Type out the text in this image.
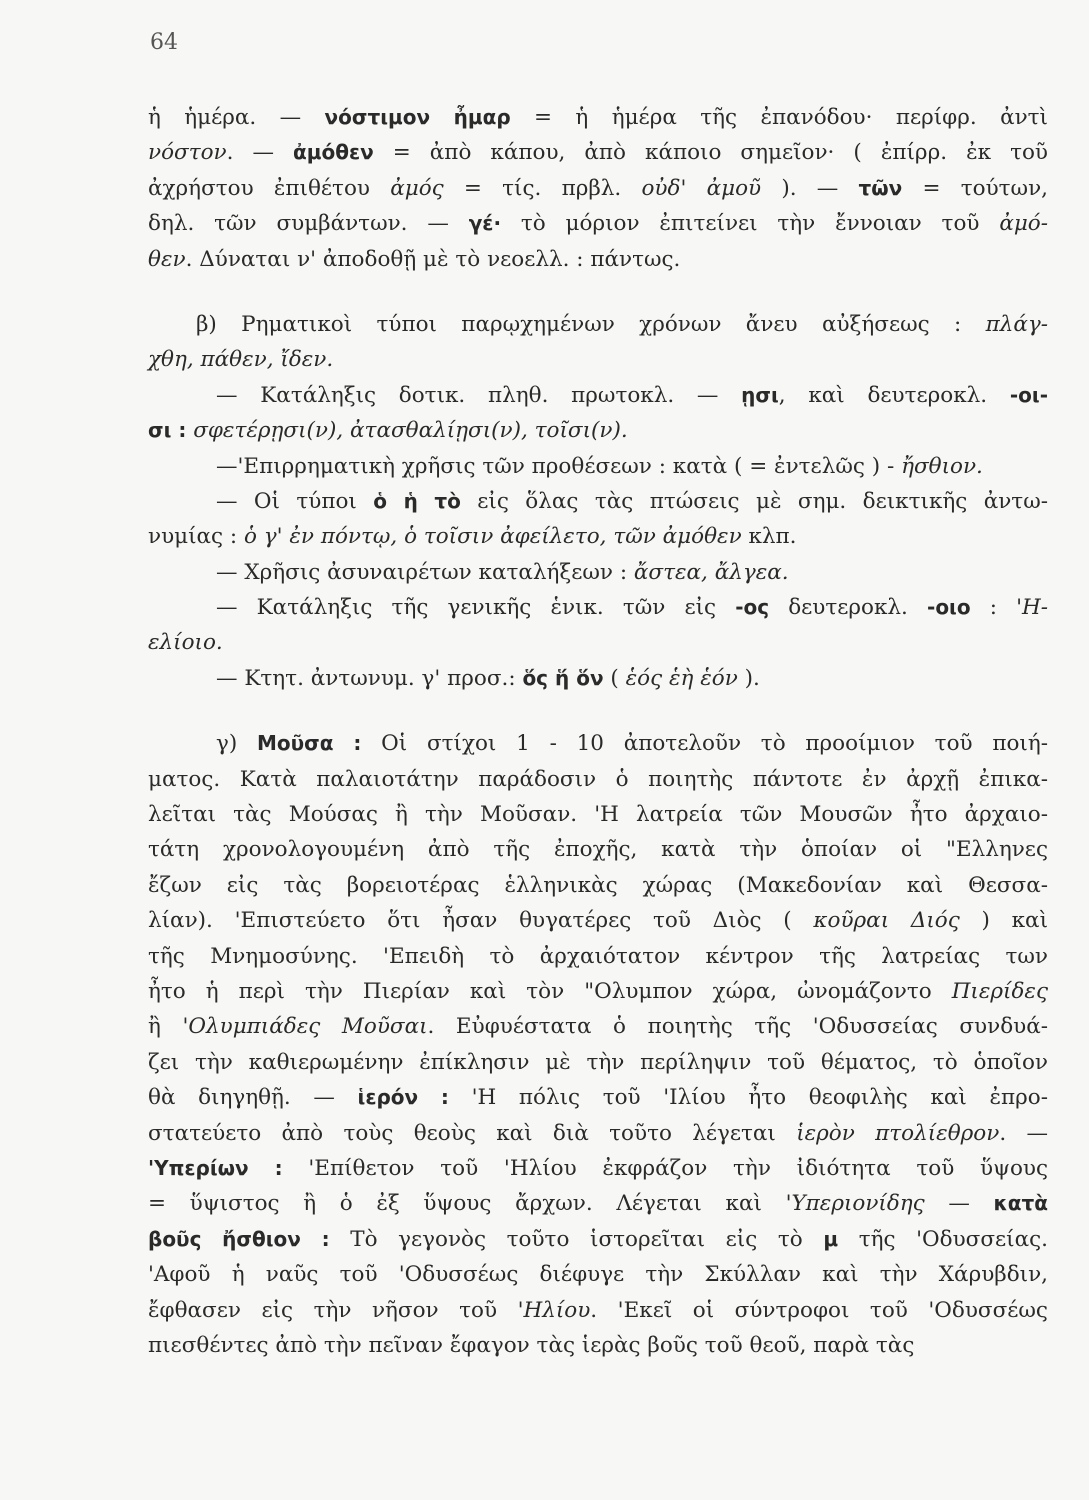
64
ἡ ἡμέρα. — νόστιμον ἦμαρ = ἡ ἡμέρα τῆς ἐπανόδου· περίφρ. ἀντὶ
νόστον. — ἀμόθεν = ἀπὸ κάπου, ἀπὸ κάποιο σημεῖον· ( ἐπίρρ. ἐκ τοῦ
ἀχρήστου ἐπιθέτου ἀμός = τίς. πρβλ. οὐδ' ἀμοῦ ). — τῶν = τούτων,
δηλ. τῶν συμβάντων. — γέ· τὸ μόριον ἐπιτείνει τὴν ἔννοιαν τοῦ ἀμό-
θεν. Δύναται ν' ἀποδοθῇ μὲ τὸ νεοελλ. : πάντως.
β) Ρηματικοὶ τύποι παρῳχημένων χρόνων ἄνευ αὐξήσεως : πλάγ-
χθη, πάθεν, ἴδεν.
— Κατάληξις δοτικ. πληθ. πρωτοκλ. — ῃσι, καὶ δευτεροκλ. -οι-
σι : σφετέρῃσι(ν), ἀτασθαλίῃσι(ν), τοῖσι(ν).
—'Επιρρηματικὴ χρῆσις τῶν προθέσεων : κατὰ ( = ἐντελῶς ) - ἤσθιον.
— Οἱ τύποι ὁ ἡ τὸ εἰς ὅλας τὰς πτώσεις μὲ σημ. δεικτικῆς ἀντω-
νυμίας : ὁ γ' ἐν πόντῳ, ὁ τοῖσιν ἀφείλετο, τῶν ἀμόθεν κλπ.
— Χρῆσις ἀσυναιρέτων καταλήξεων : ἄστεα, ἄλγεα.
— Κατάληξις τῆς γενικῆς ἑνικ. τῶν εἰς -ος δευτεροκλ. -οιο : 'Η-
ελίοιο.
— Κτητ. ἀντωνυμ. γ' προσ.: ὅς ἥ ὅν ( ἑός ἑὴ ἑόν ).
γ) Μοῦσα : Οἱ στίχοι 1 - 10 ἀποτελοῦν τὸ προοίμιον τοῦ ποιή-
ματος. Κατὰ παλαιοτάτην παράδοσιν ὁ ποιητὴς πάντοτε ἐν ἀρχῇ ἐπικα-
λεῖται τὰς Μούσας ἢ τὴν Μοῦσαν. 'Η λατρεία τῶν Μουσῶν ἦτο ἀρχαιο-
τάτη χρονολογουμένη ἀπὸ τῆς ἐποχῆς, κατὰ τὴν ὁποίαν οἱ "Ελληνες
ἔζων εἰς τὰς βορειοτέρας ἑλληνικὰς χώρας (Μακεδονίαν καὶ Θεσσα-
λίαν). 'Επιστεύετο ὅτι ἦσαν θυγατέρες τοῦ Διὸς ( κοῦραι Διός ) καὶ
τῆς Μνημοσύνης. 'Επειδὴ τὸ ἀρχαιότατον κέντρον τῆς λατρείας των
ἦτο ἡ περὶ τὴν Πιερίαν καὶ τὸν "Ολυμπον χώρα, ὠνομάζοντο Πιερίδες
ἢ 'Ολυμπιάδες Μοῦσαι. Εὐφυέστατα ὁ ποιητὴς τῆς 'Οδυσσείας συνδυά-
ζει τὴν καθιερωμένην ἐπίκλησιν μὲ τὴν περίληψιν τοῦ θέματος, τὸ ὁποῖον
θὰ διηγηθῇ. — ἱερόν : 'Η πόλις τοῦ 'Ιλίου ἦτο θεοφιλὴς καὶ ἐπρο-
στατεύετο ἀπὸ τοὺς θεοὺς καὶ διὰ τοῦτο λέγεται ἱερὸν πτολίεθρον. —
'Υπερίων : 'Επίθετον τοῦ 'Ηλίου ἐκφράζον τὴν ἰδιότητα τοῦ ὕψους
= ὕψιστος ἢ ὁ ἐξ ὕψους ἄρχων. Λέγεται καὶ 'Υπεριονίδης — κατὰ
βοῦς ἤσθιον : Τὸ γεγονὸς τοῦτο ἱστορεῖται εἰς τὸ μ τῆς 'Οδυσσείας.
'Αφοῦ ἡ ναῦς τοῦ 'Οδυσσέως διέφυγε τὴν Σκύλλαν καὶ τὴν Χάρυβδιν,
ἔφθασεν εἰς τὴν νῆσον τοῦ 'Ηλίου. 'Εκεῖ οἱ σύντροφοι τοῦ 'Οδυσσέως
πιεσθέντες ἀπὸ τὴν πεῖναν ἔφαγον τὰς ἱερὰς βοῦς τοῦ θεοῦ, παρὰ τὰς
